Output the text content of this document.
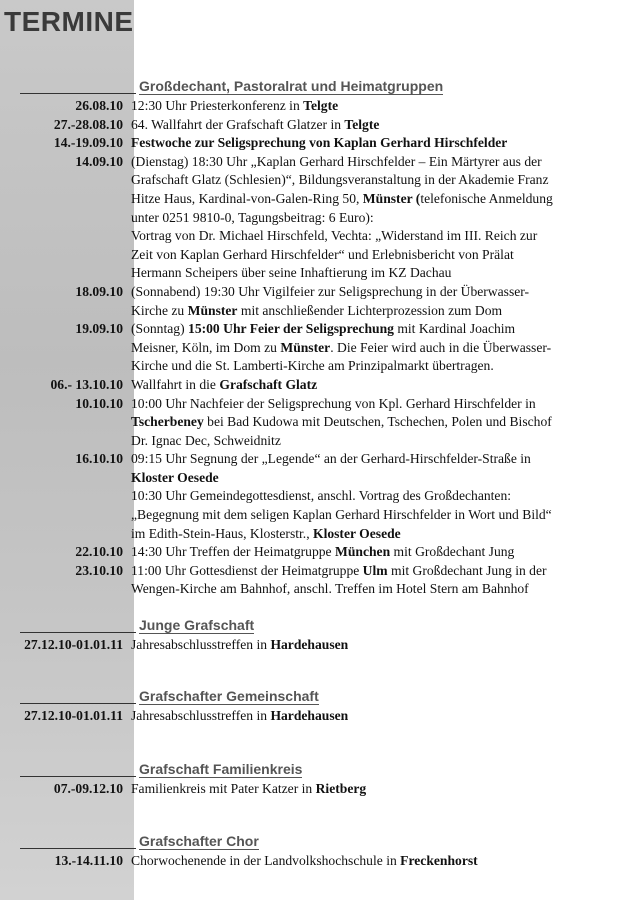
TERMINE
Großdechant, Pastoralrat und Heimatgruppen
26.08.10 12:30 Uhr Priesterkonferenz in Telgte
27.-28.08.10 64. Wallfahrt der Grafschaft Glatzer in Telgte
14.-19.09.10 Festwoche zur Seligsprechung von Kaplan Gerhard Hirschfelder
14.09.10 (Dienstag) 18:30 Uhr „Kaplan Gerhard Hirschfelder – Ein Märtyrer aus der
Grafschaft Glatz (Schlesien)“, Bildungsveranstaltung in der Akademie Franz
Hitze Haus, Kardinal-von-Galen-Ring 50, Münster (telefonische Anmeldung
unter 0251 9810-0, Tagungsbeitrag: 6 Euro):
Vortrag von Dr. Michael Hirschfeld, Vechta: „Widerstand im III. Reich zur
Zeit von Kaplan Gerhard Hirschfelder“ und Erlebnisbericht von Prälat
Hermann Scheipers über seine Inhaftierung im KZ Dachau
18.09.10 (Sonnabend) 19:30 Uhr Vigilfeier zur Seligsprechung in der Überwasser-
Kirche zu Münster mit anschließender Lichterprozession zum Dom
19.09.10 (Sonntag) 15:00 Uhr Feier der Seligsprechung mit Kardinal Joachim
Meisner, Köln, im Dom zu Münster. Die Feier wird auch in die Überwasser-
Kirche und die St. Lamberti-Kirche am Prinzipalmarkt übertragen.
06.- 13.10.10 Wallfahrt in die Grafschaft Glatz
10.10.10 10:00 Uhr Nachfeier der Seligsprechung von Kpl. Gerhard Hirschfelder in
Tscherbeney bei Bad Kudowa mit Deutschen, Tschechen, Polen und Bischof
Dr. Ignac Dec, Schweidnitz
16.10.10 09:15 Uhr Segnung der „Legende“ an der Gerhard-Hirschfelder-Straße in
Kloster Oesede
10:30 Uhr Gemeindegottesdienst, anschl. Vortrag des Großdechanten:
„Begegnung mit dem seligen Kaplan Gerhard Hirschfelder in Wort und Bild“
im Edith-Stein-Haus, Klosterstr., Kloster Oesede
22.10.10 14:30 Uhr Treffen der Heimatgruppe München mit Großdechant Jung
23.10.10 11:00 Uhr Gottesdienst der Heimatgruppe Ulm mit Großdechant Jung in der
Wengen-Kirche am Bahnhof, anschl. Treffen im Hotel Stern am Bahnhof
Junge Grafschaft
27.12.10-01.01.11 Jahresabschlusstreffen in Hardehausen
Grafschafter Gemeinschaft
27.12.10-01.01.11 Jahresabschlusstreffen in Hardehausen
Grafschaft Familienkreis
07.-09.12.10 Familienkreis mit Pater Katzer in Rietberg
Grafschafter Chor
13.-14.11.10 Chorwochenende in der Landvolkshochschule in Freckenhorst
